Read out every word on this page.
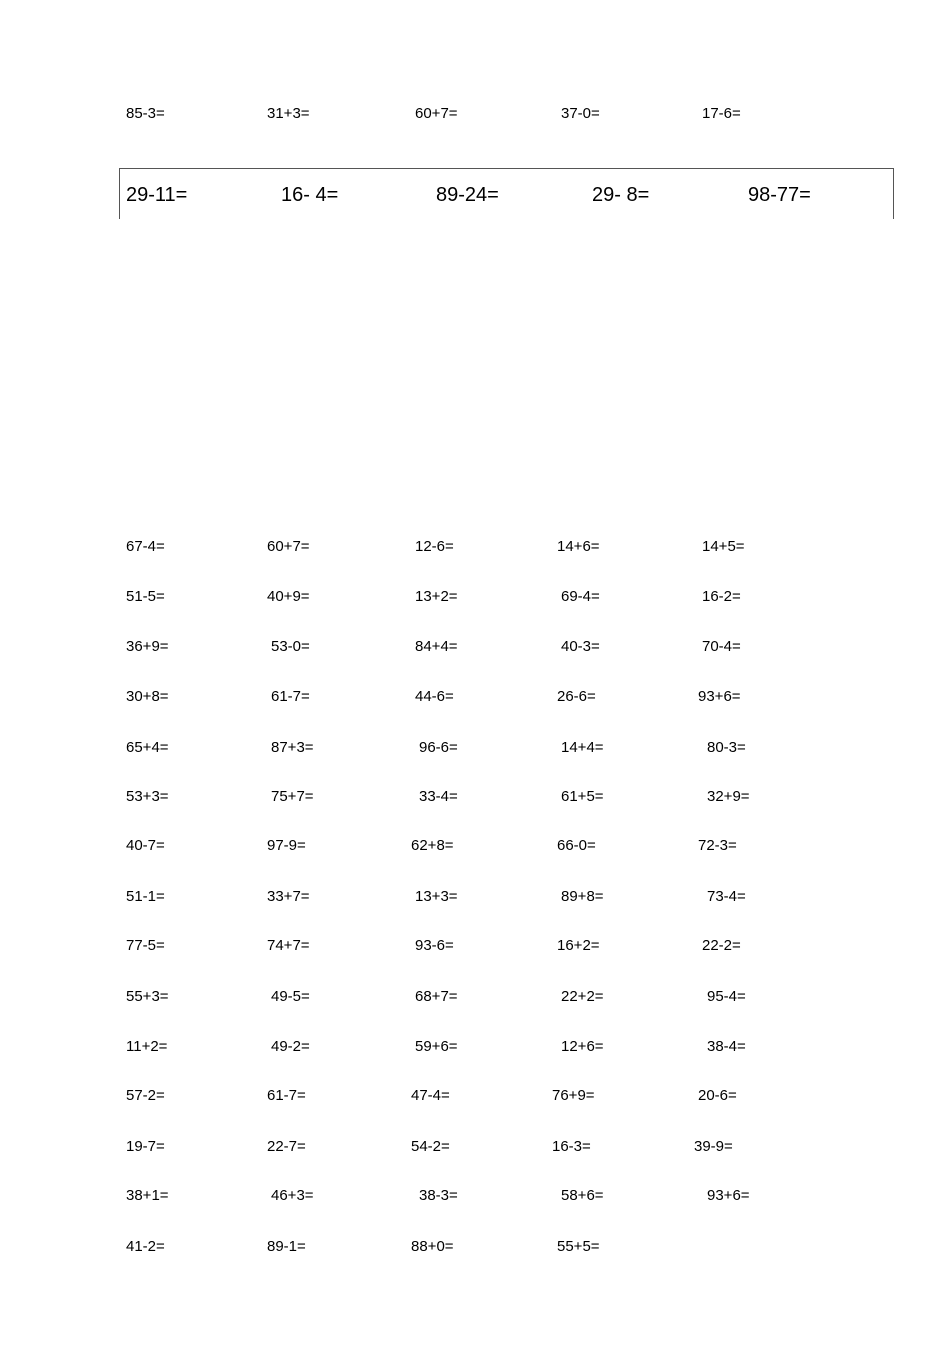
85-3=	31+3=	60+7=	37-0=	17-6=
29-11=	16- 4=	89-24=	29- 8=	98-77=
67-4=	60+7=	12-6=	14+6=	14+5=
51-5=	40+9=	13+2=	69-4=	16-2=
36+9=	53-0=	84+4=	40-3=	70-4=
30+8=	61-7=	44-6=	26-6=	93+6=
65+4=	87+3=	96-6=	14+4=	80-3=
53+3=	75+7=	33-4=	61+5=	32+9=
40-7=	97-9=	62+8=	66-0=	72-3=
51-1=	33+7=	13+3=	89+8=	73-4=
77-5=	74+7=	93-6=	16+2=	22-2=
55+3=	49-5=	68+7=	22+2=	95-4=
11+2=	49-2=	59+6=	12+6=	38-4=
57-2=	61-7=	47-4=	76+9=	20-6=
19-7=	22-7=	54-2=	16-3=	39-9=
38+1=	46+3=	38-3=	58+6=	93+6=
41-2=	89-1=	88+0=	55+5=
